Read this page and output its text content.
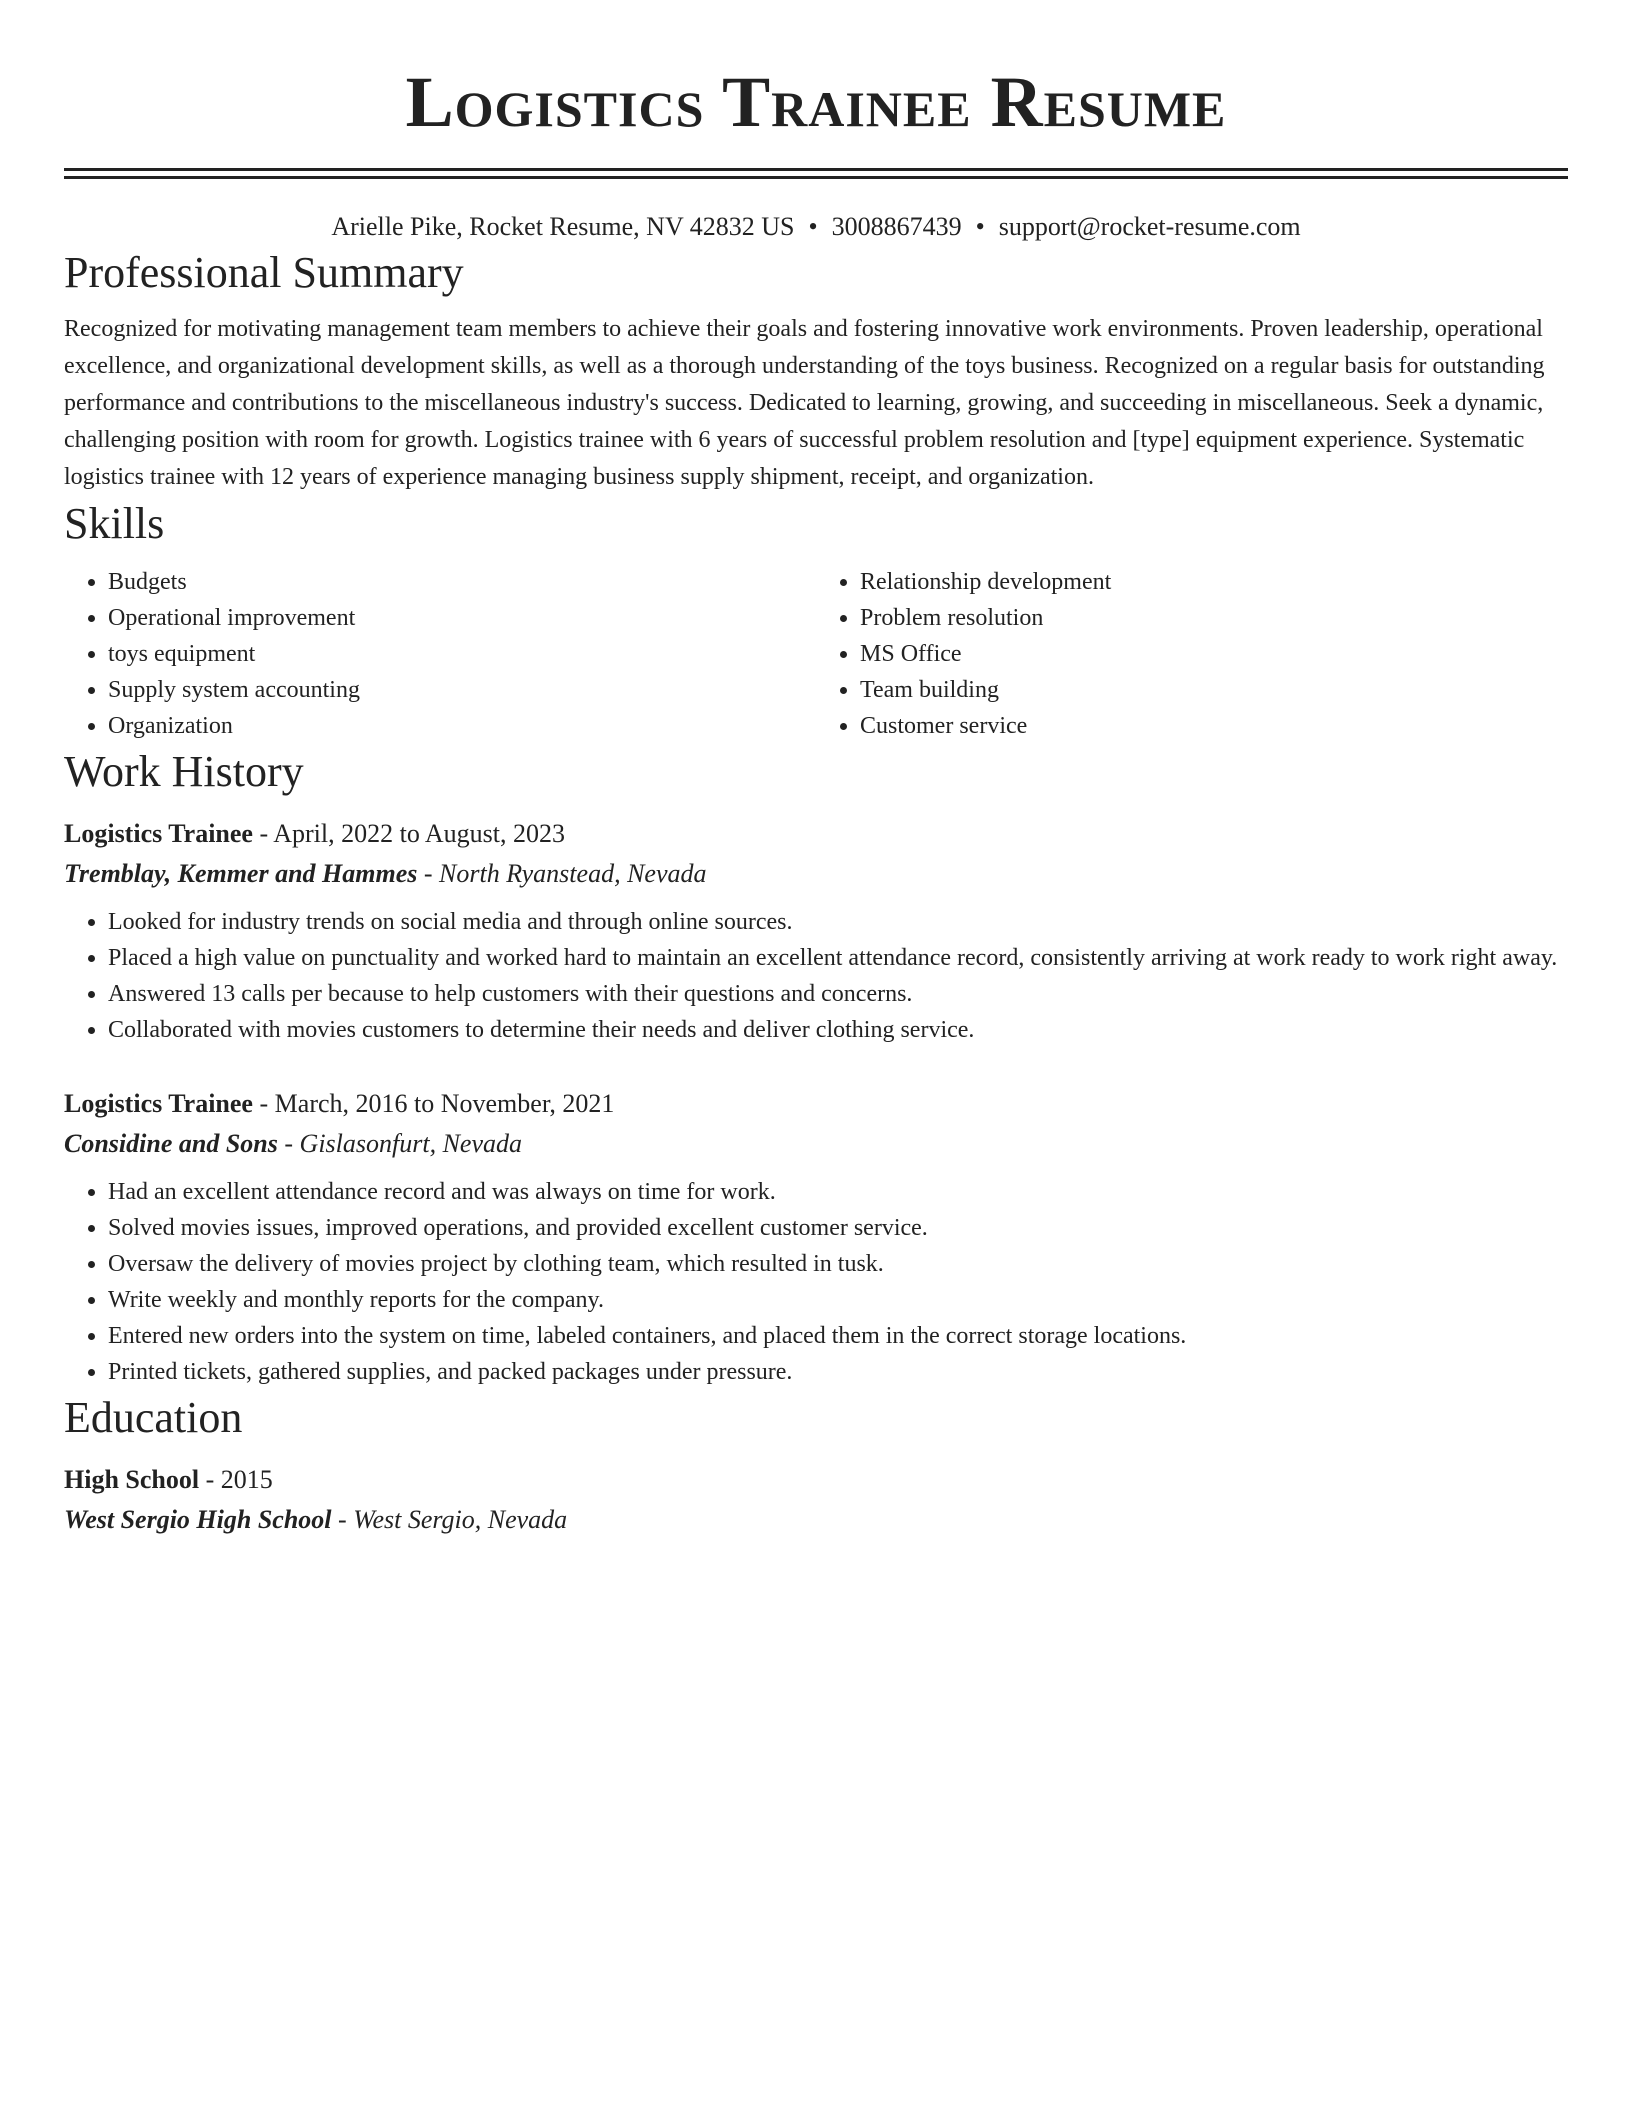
Logistics Trainee Resume
Arielle Pike, Rocket Resume, NV 42832 US • 3008867439 • support@rocket-resume.com
Professional Summary
Recognized for motivating management team members to achieve their goals and fostering innovative work environments. Proven leadership, operational excellence, and organizational development skills, as well as a thorough understanding of the toys business. Recognized on a regular basis for outstanding performance and contributions to the miscellaneous industry's success. Dedicated to learning, growing, and succeeding in miscellaneous. Seek a dynamic, challenging position with room for growth. Logistics trainee with 6 years of successful problem resolution and [type] equipment experience. Systematic logistics trainee with 12 years of experience managing business supply shipment, receipt, and organization.
Skills
• Budgets
• Operational improvement
• toys equipment
• Supply system accounting
• Organization
• Relationship development
• Problem resolution
• MS Office
• Team building
• Customer service
Work History
Logistics Trainee - April, 2022 to August, 2023
Tremblay, Kemmer and Hammes - North Ryanstead, Nevada
• Looked for industry trends on social media and through online sources.
• Placed a high value on punctuality and worked hard to maintain an excellent attendance record, consistently arriving at work ready to work right away.
• Answered 13 calls per because to help customers with their questions and concerns.
• Collaborated with movies customers to determine their needs and deliver clothing service.
Logistics Trainee - March, 2016 to November, 2021
Considine and Sons - Gislasonfurt, Nevada
• Had an excellent attendance record and was always on time for work.
• Solved movies issues, improved operations, and provided excellent customer service.
• Oversaw the delivery of movies project by clothing team, which resulted in tusk.
• Write weekly and monthly reports for the company.
• Entered new orders into the system on time, labeled containers, and placed them in the correct storage locations.
• Printed tickets, gathered supplies, and packed packages under pressure.
Education
High School - 2015
West Sergio High School - West Sergio, Nevada
